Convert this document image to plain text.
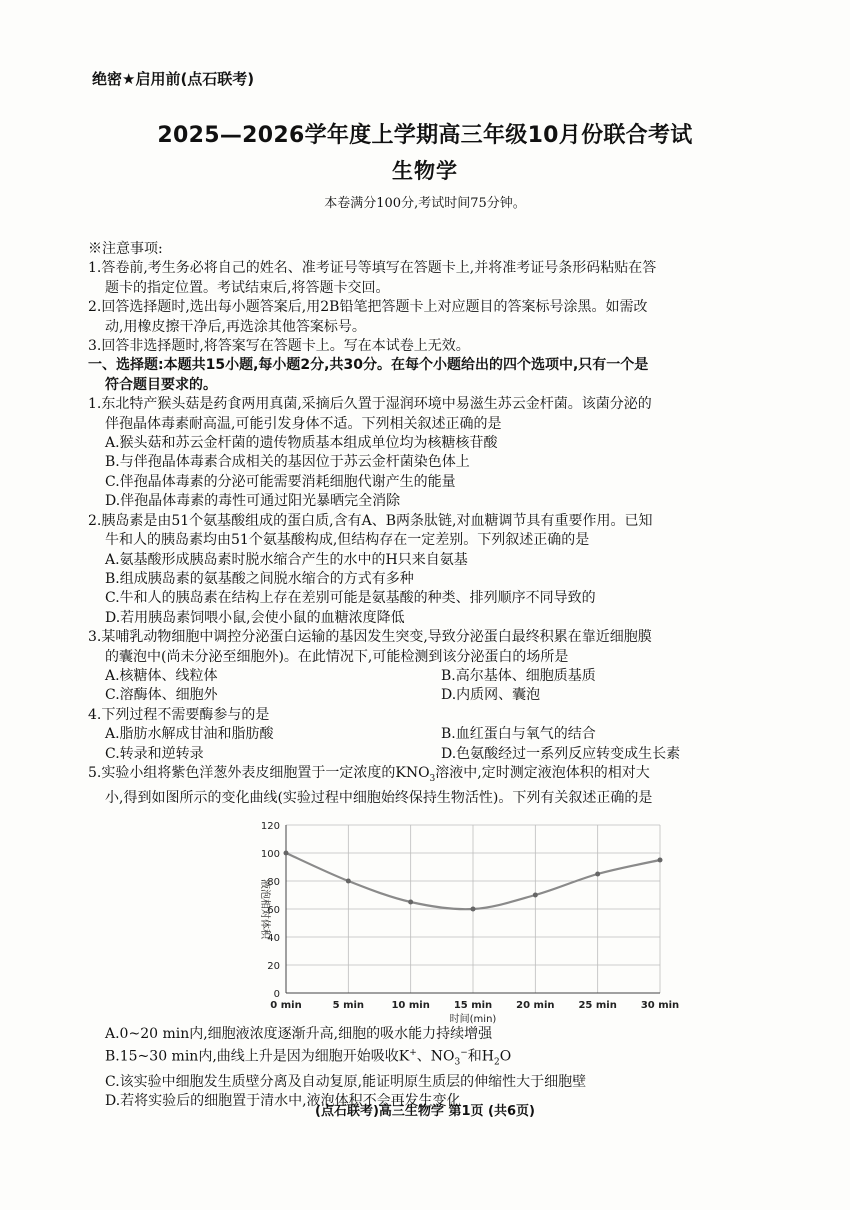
绝密★启用前(点石联考)
2025—2026学年度上学期高三年级10月份联合考试
生物学
本卷满分100分,考试时间75分钟。

※注意事项:

1.答卷前,考生务必将自己的姓名、准考证号等填写在答题卡上,并将准考证号条形码粘贴在答

题卡的指定位置。考试结束后,将答题卡交回。

2.回答选择题时,选出每小题答案后,用2B铅笔把答题卡上对应题目的答案标号涂黑。如需改

动,用橡皮擦干净后,再选涂其他答案标号。

3.回答非选择题时,将答案写在答题卡上。写在本试卷上无效。

一、选择题:本题共15小题,每小题2分,共30分。在每个小题给出的四个选项中,只有一个是

符合题目要求的。

1.东北特产猴头菇是药食两用真菌,采摘后久置于湿润环境中易滋生苏云金杆菌。该菌分泌的

伴孢晶体毒素耐高温,可能引发身体不适。下列相关叙述正确的是

A.猴头菇和苏云金杆菌的遗传物质基本组成单位均为核糖核苷酸

B.与伴孢晶体毒素合成相关的基因位于苏云金杆菌染色体上

C.伴孢晶体毒素的分泌可能需要消耗细胞代谢产生的能量

D.伴孢晶体毒素的毒性可通过阳光暴晒完全消除

2.胰岛素是由51个氨基酸组成的蛋白质,含有A、B两条肽链,对血糖调节具有重要作用。已知

牛和人的胰岛素均由51个氨基酸构成,但结构存在一定差别。下列叙述正确的是

A.氨基酸形成胰岛素时脱水缩合产生的水中的H只来自氨基

B.组成胰岛素的氨基酸之间脱水缩合的方式有多种

C.牛和人的胰岛素在结构上存在差别可能是氨基酸的种类、排列顺序不同导致的

D.若用胰岛素饲喂小鼠,会使小鼠的血糖浓度降低

3.某哺乳动物细胞中调控分泌蛋白运输的基因发生突变,导致分泌蛋白最终积累在靠近细胞膜

的囊泡中(尚未分泌至细胞外)。在此情况下,可能检测到该分泌蛋白的场所是

A.核糖体、线粒体	B.高尔基体、细胞质基质
C.溶酶体、细胞外	D.内质网、囊泡

4.下列过程不需要酶参与的是

A.脂肪水解成甘油和脂肪酸	B.血红蛋白与氧气的结合
C.转录和逆转录	D.色氨酸经过一系列反应转变成生长素

5.实验小组将紫色洋葱外表皮细胞置于一定浓度的$KNO_3$溶液中,定时测定液泡体积的相对大

小,得到如图所示的变化曲线(实验过程中细胞始终保持生物活性)。下列有关叙述正确的是

0
20
40
60
80
100
120
0 min	5 min	10 min 15 min 20 min 25 min 30 min
时间(min)
液泡相对体积

A.0~20 min内,细胞液浓度逐渐升高,细胞的吸水能力持续增强

B.15~30 min内,曲线上升是因为细胞开始吸收K+、$NO_3^-$和$H_2O$

C.该实验中细胞发生质壁分离及自动复原,能证明原生质层的伸缩性大于细胞壁

D.若将实验后的细胞置于清水中,液泡体积不会再发生变化

(点石联考)高三生物学 第1页 (共6页)
